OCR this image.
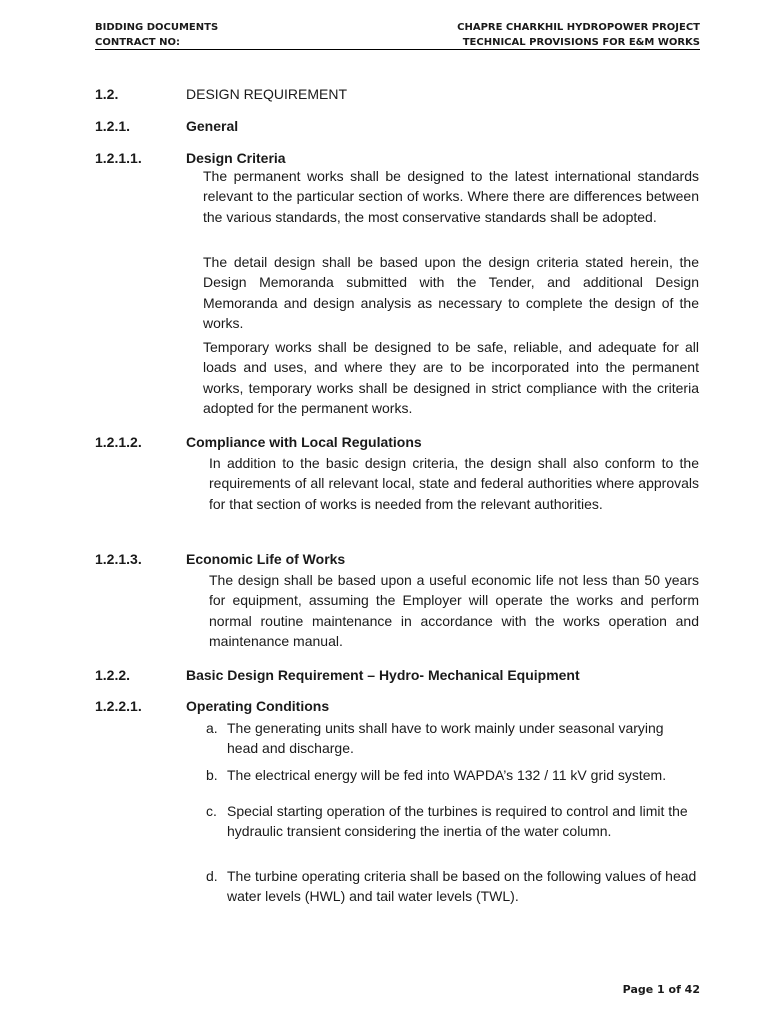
BIDDING DOCUMENTS
CONTRACT NO:
CHAPRE CHARKHIL HYDROPOWER PROJECT
TECHNICAL PROVISIONS FOR E&M WORKS
1.2.	DESIGN REQUIREMENT
1.2.1.	General
1.2.1.1.	Design Criteria

The permanent works shall be designed to the latest international standards relevant to the particular section of works. Where there are differences between the various standards, the most conservative standards shall be adopted.

The detail design shall be based upon the design criteria stated herein, the Design Memoranda submitted with the Tender, and additional Design Memoranda and design analysis as necessary to complete the design of the works.

Temporary works shall be designed to be safe, reliable, and adequate for all loads and uses, and where they are to be incorporated into the permanent works, temporary works shall be designed in strict compliance with the criteria adopted for the permanent works.

1.2.1.2.	Compliance with Local Regulations

In addition to the basic design criteria, the design shall also conform to the requirements of all relevant local, state and federal authorities where approvals for that section of works is needed from the relevant authorities.

1.2.1.3.	Economic Life of Works

The design shall be based upon a useful economic life not less than 50 years for equipment, assuming the Employer will operate the works and perform normal routine maintenance in accordance with the works operation and maintenance manual.

1.2.2.	Basic Design Requirement – Hydro- Mechanical Equipment
1.2.2.1.	Operating Conditions
a. The generating units shall have to work mainly under seasonal varying head and discharge.
b. The electrical energy will be fed into WAPDA’s 132 / 11 kV grid system.
c. Special starting operation of the turbines is required to control and limit the hydraulic transient considering the inertia of the water column.
d. The turbine operating criteria shall be based on the following values of head water levels (HWL) and tail water levels (TWL).
Page 1 of 42
